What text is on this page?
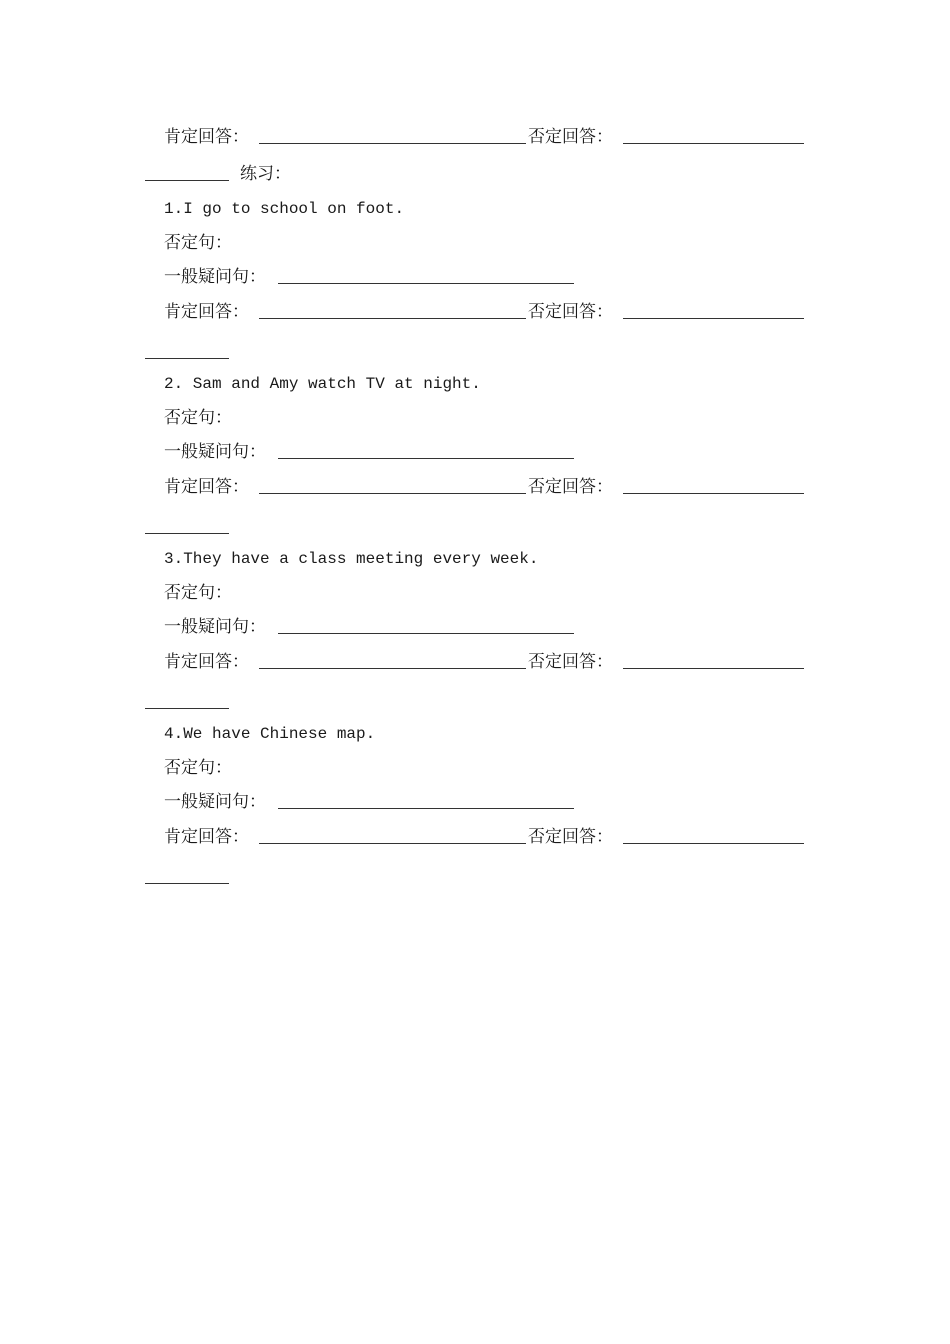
肯定回答：	否定回答：
练习：
1.I go to school on foot.
否定句：
一般疑问句：
肯定回答：	否定回答：
2. Sam and Amy watch TV at night.
否定句：
一般疑问句：
肯定回答：	否定回答：
3.They have a class meeting every week.
否定句：
一般疑问句：
肯定回答：	否定回答：
4.We have Chinese map.
否定句：
一般疑问句：
肯定回答：	否定回答：
